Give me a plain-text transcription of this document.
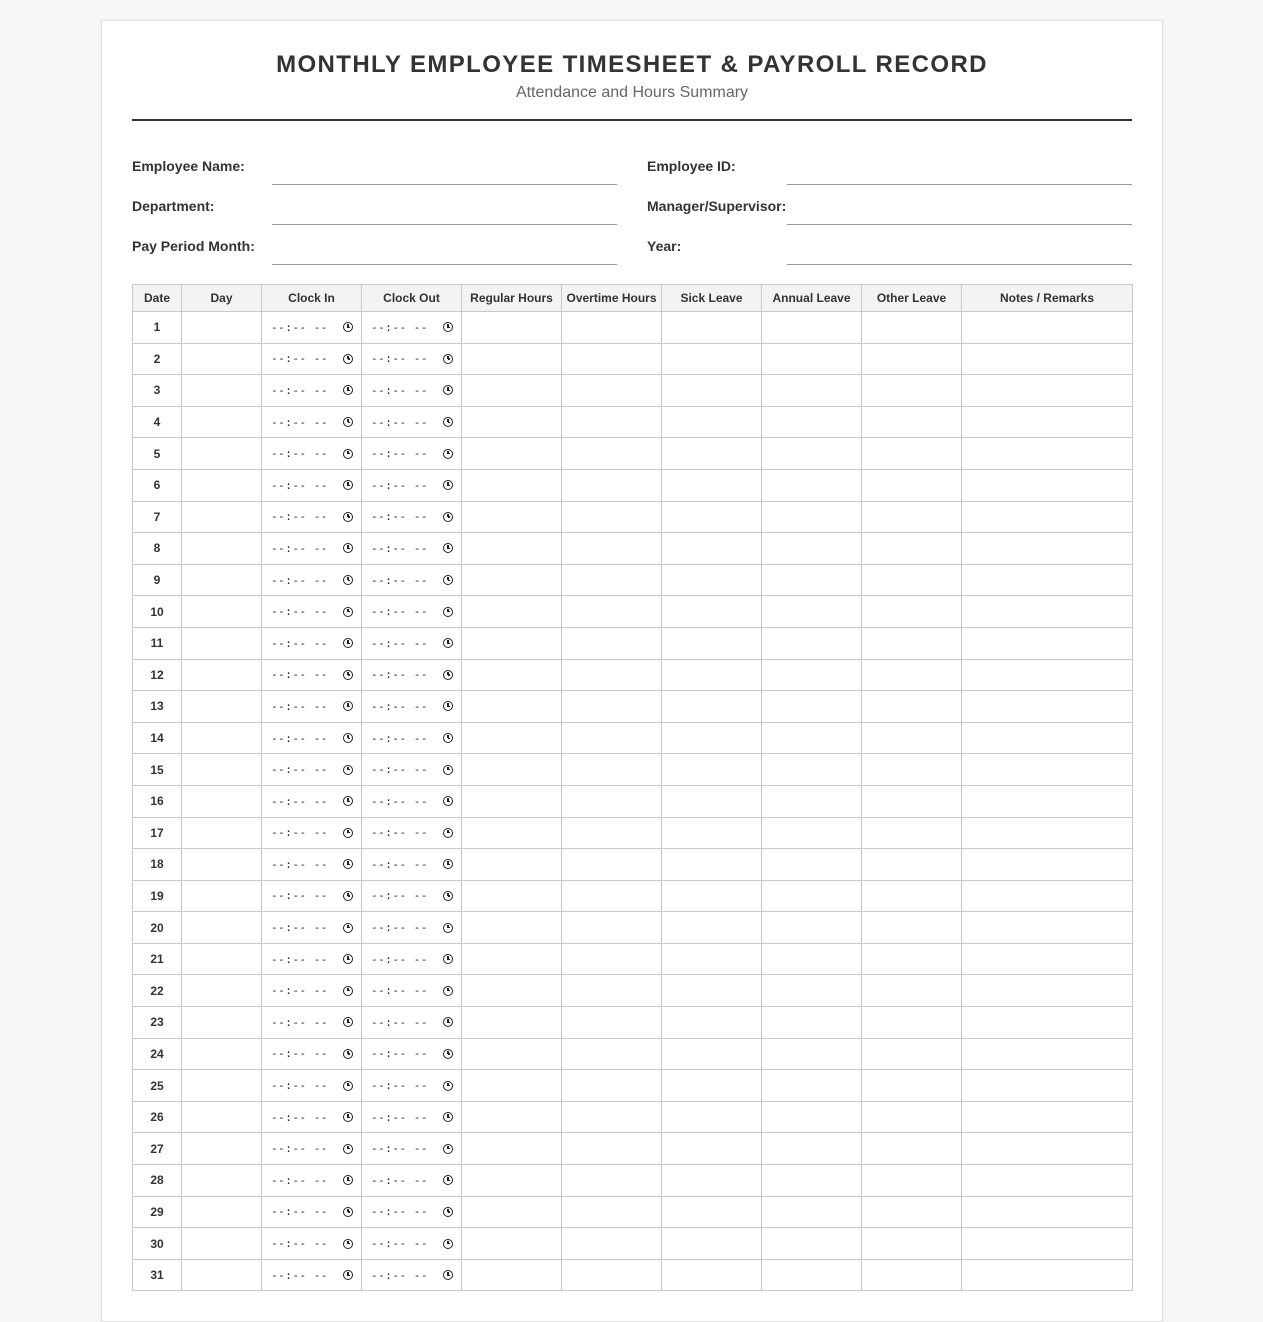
MONTHLY EMPLOYEE TIMESHEET & PAYROLL RECORD
Attendance and Hours Summary
Employee Name:	Employee ID:
Department:	Manager/Supervisor:
Pay Period Month:	Year:
Date	Day	Clock In	Clock Out	Regular Hours	Overtime Hours	Sick Leave	Annual Leave	Other Leave	Notes / Remarks
1		--:-- --	--:-- --						

2		--:-- --	--:-- --						

3		--:-- --	--:-- --						

4		--:-- --	--:-- --						

5		--:-- --	--:-- --						

6		--:-- --	--:-- --						

7		--:-- --	--:-- --						

8		--:-- --	--:-- --						

9		--:-- --	--:-- --						

10		--:-- --	--:-- --						

11		--:-- --	--:-- --						

12		--:-- --	--:-- --						

13		--:-- --	--:-- --						

14		--:-- --	--:-- --						

15		--:-- --	--:-- --						

16		--:-- --	--:-- --						

17		--:-- --	--:-- --						

18		--:-- --	--:-- --						

19		--:-- --	--:-- --						

20		--:-- --	--:-- --						

21		--:-- --	--:-- --						

22		--:-- --	--:-- --						

23		--:-- --	--:-- --						

24		--:-- --	--:-- --						

25		--:-- --	--:-- --						

26		--:-- --	--:-- --						

27		--:-- --	--:-- --						

28		--:-- --	--:-- --						

29		--:-- --	--:-- --						

30		--:-- --	--:-- --						

31		--:-- --	--:-- --						
